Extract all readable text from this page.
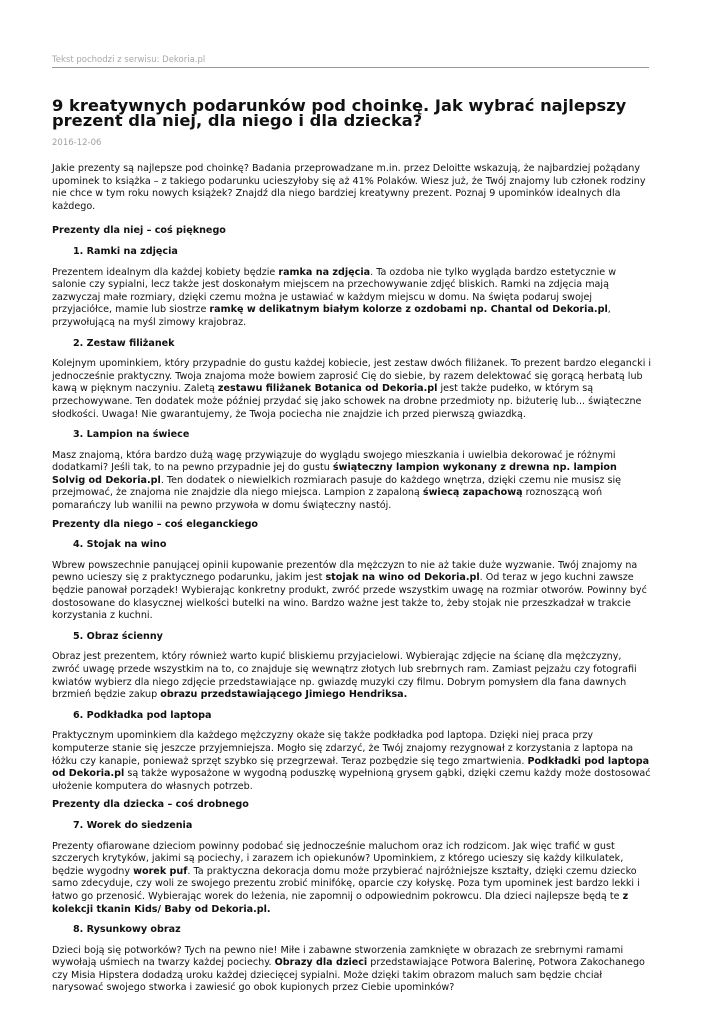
Tekst pochodzi z serwisu: Dekoria.pl
9 kreatywnych podarunków pod choinkę. Jak wybrać najlepszy prezent dla niej, dla niego i dla dziecka?
2016-12-06

Jakie prezenty są najlepsze pod choinkę? Badania przeprowadzane m.in. przez Deloitte wskazują, że najbardziej pożądany upominek to książka – z takiego podarunku ucieszyłoby się aż 41% Polaków. Wiesz już, że Twój znajomy lub członek rodziny nie chce w tym roku nowych książek? Znajdź dla niego bardziej kreatywny prezent. Poznaj 9 upominków idealnych dla każdego.

Prezenty dla niej – coś pięknego

1. Ramki na zdjęcia

Prezentem idealnym dla każdej kobiety będzie ramka na zdjęcia. Ta ozdoba nie tylko wygląda bardzo estetycznie w salonie czy sypialni, lecz także jest doskonałym miejscem na przechowywanie zdjęć bliskich. Ramki na zdjęcia mają zazwyczaj małe rozmiary, dzięki czemu można je ustawiać w każdym miejscu w domu. Na święta podaruj swojej przyjaciółce, mamie lub siostrze ramkę w delikatnym białym kolorze z ozdobami np. Chantal od Dekoria.pl, przywołującą na myśl zimowy krajobraz.

2. Zestaw filiżanek

Kolejnym upominkiem, który przypadnie do gustu każdej kobiecie, jest zestaw dwóch filiżanek. To prezent bardzo elegancki i jednocześnie praktyczny. Twoja znajoma może bowiem zaprosić Cię do siebie, by razem delektować się gorącą herbatą lub kawą w pięknym naczyniu. Zaletą zestawu filiżanek Botanica od Dekoria.pl jest także pudełko, w którym są przechowywane. Ten dodatek może później przydać się jako schowek na drobne przedmioty np. biżuterię lub... świąteczne słodkości. Uwaga! Nie gwarantujemy, że Twoja pociecha nie znajdzie ich przed pierwszą gwiazdką.

3. Lampion na świece

Masz znajomą, która bardzo dużą wagę przywiązuje do wyglądu swojego mieszkania i uwielbia dekorować je różnymi dodatkami? Jeśli tak, to na pewno przypadnie jej do gustu świąteczny lampion wykonany z drewna np. lampion Solvig od Dekoria.pl. Ten dodatek o niewielkich rozmiarach pasuje do każdego wnętrza, dzięki czemu nie musisz się przejmować, że znajoma nie znajdzie dla niego miejsca. Lampion z zapaloną świecą zapachową roznoszącą woń pomarańczy lub wanilii na pewno przywoła w domu świąteczny nastój.

Prezenty dla niego – coś eleganckiego

4. Stojak na wino

Wbrew powszechnie panującej opinii kupowanie prezentów dla mężczyzn to nie aż takie duże wyzwanie. Twój znajomy na pewno ucieszy się z praktycznego podarunku, jakim jest stojak na wino od Dekoria.pl. Od teraz w jego kuchni zawsze będzie panował porządek! Wybierając konkretny produkt, zwróć przede wszystkim uwagę na rozmiar otworów. Powinny być dostosowane do klasycznej wielkości butelki na wino. Bardzo ważne jest także to, żeby stojak nie przeszkadzał w trakcie korzystania z kuchni.

5. Obraz ścienny

Obraz jest prezentem, który również warto kupić bliskiemu przyjacielowi. Wybierając zdjęcie na ścianę dla mężczyzny, zwróć uwagę przede wszystkim na to, co znajduje się wewnątrz złotych lub srebrnych ram. Zamiast pejzażu czy fotografii kwiatów wybierz dla niego zdjęcie przedstawiające np. gwiazdę muzyki czy filmu. Dobrym pomysłem dla fana dawnych brzmień będzie zakup obrazu przedstawiającego Jimiego Hendriksa.

6. Podkładka pod laptopa

Praktycznym upominkiem dla każdego mężczyzny okaże się także podkładka pod laptopa. Dzięki niej praca przy komputerze stanie się jeszcze przyjemniejsza. Mogło się zdarzyć, że Twój znajomy rezygnował z korzystania z laptopa na łóżku czy kanapie, ponieważ sprzęt szybko się przegrzewał. Teraz pozbędzie się tego zmartwienia. Podkładki pod laptopa od Dekoria.pl są także wyposażone w wygodną poduszkę wypełnioną grysem gąbki, dzięki czemu każdy może dostosować ułożenie komputera do własnych potrzeb.

Prezenty dla dziecka – coś drobnego

7. Worek do siedzenia

Prezenty ofiarowane dzieciom powinny podobać się jednocześnie maluchom oraz ich rodzicom. Jak więc trafić w gust szczerych krytyków, jakimi są pociechy, i zarazem ich opiekunów? Upominkiem, z którego ucieszy się każdy kilkulatek, będzie wygodny worek puf. Ta praktyczna dekoracja domu może przybierać najróżniejsze kształty, dzięki czemu dziecko samo zdecyduje, czy woli ze swojego prezentu zrobić minifókę, oparcie czy kołyskę. Poza tym upominek jest bardzo lekki i łatwo go przenosić. Wybierając worek do leżenia, nie zapomnij o odpowiednim pokrowcu. Dla dzieci najlepsze będą te z kolekcji tkanin Kids/ Baby od Dekoria.pl.

8. Rysunkowy obraz

Dzieci boją się potworków? Tych na pewno nie! Miłe i zabawne stworzenia zamknięte w obrazach ze srebrnymi ramami wywołają uśmiech na twarzy każdej pociechy. Obrazy dla dzieci przedstawiające Potwora Balerinę, Potwora Zakochanego czy Misia Hipstera dodadzą uroku każdej dziecięcej sypialni. Może dzięki takim obrazom maluch sam będzie chciał narysować swojego stworka i zawiesić go obok kupionych przez Ciebie upominków?
